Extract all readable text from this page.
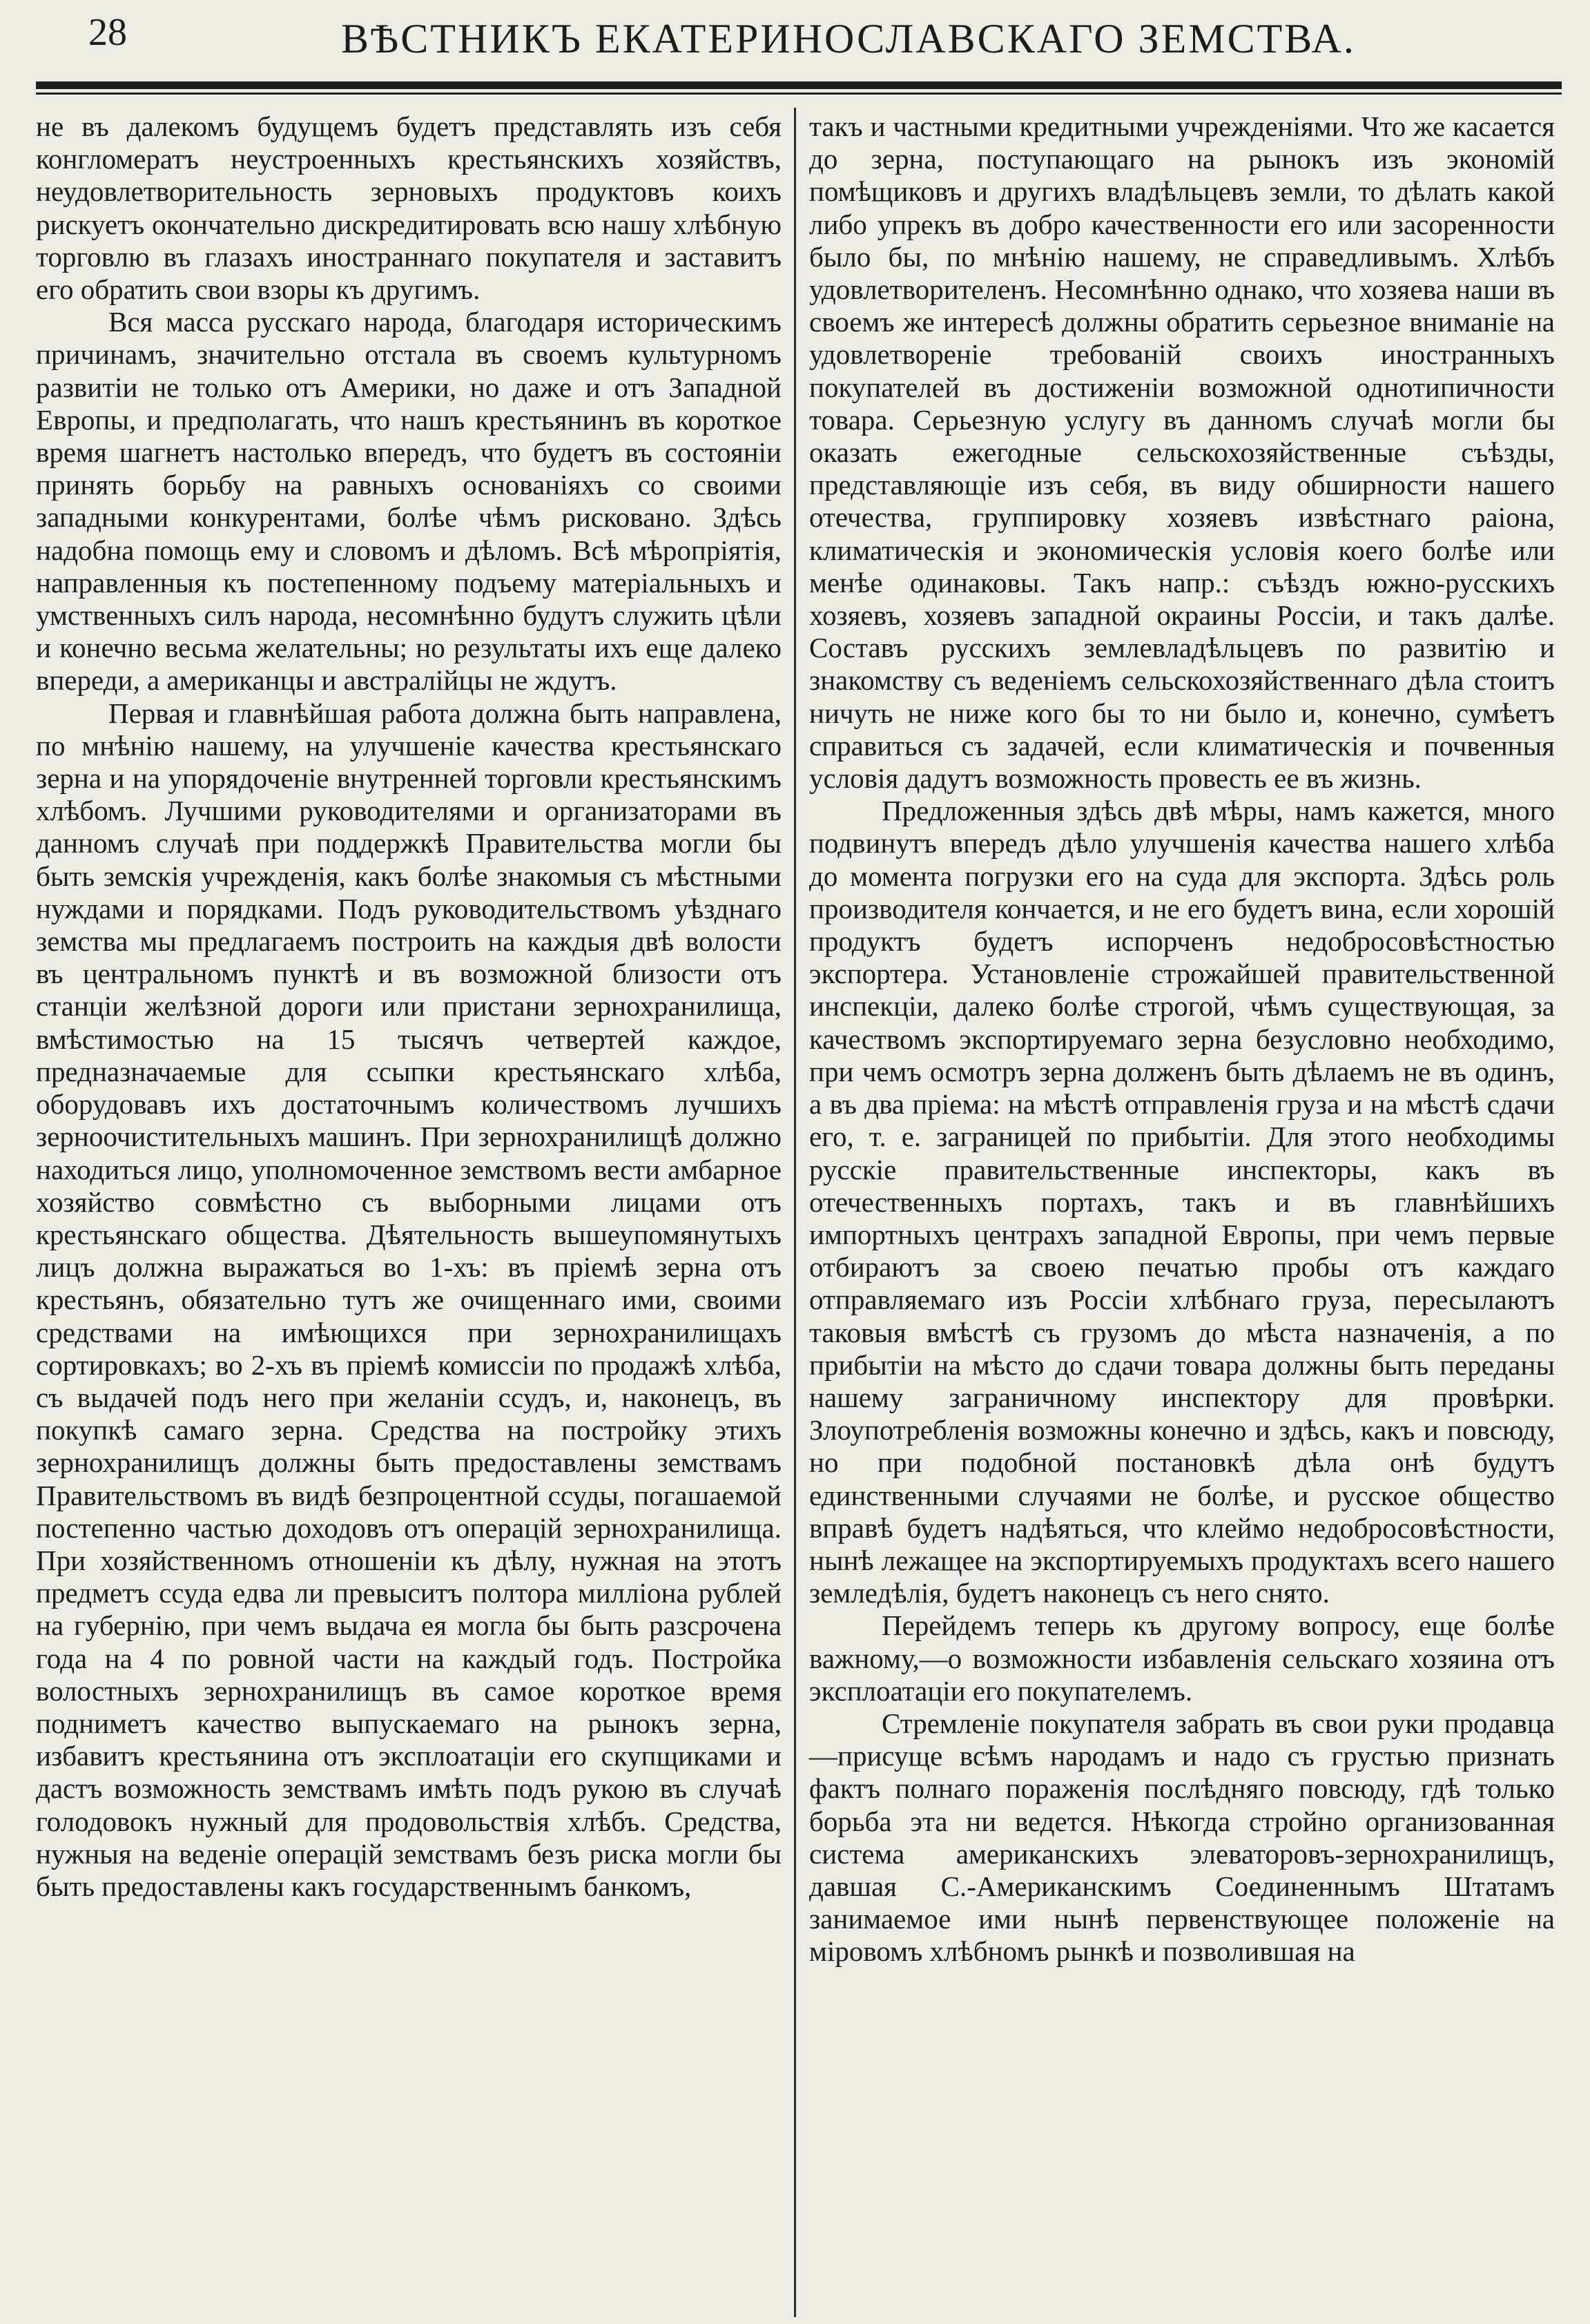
28	ВѢСТНИКЪ ЕКАТЕРИНОСЛАВСКАГО ЗЕМСТВА.

не въ далекомъ будущемъ будетъ представлять изъ себя конгломератъ неустроенныхъ крестьянскихъ хозяйствъ, неудовлетворительность зерновыхъ продуктовъ коихъ рискуетъ окончательно дискредитировать всю нашу хлѣбную торговлю въ глазахъ иностраннаго покупателя и заставитъ его обратить свои взоры къ другимъ.

Вся масса русскаго народа, благодаря историческимъ причинамъ, значительно отстала въ своемъ культурномъ развитіи не только отъ Америки, но даже и отъ Западной Европы, и предполагать, что нашъ крестьянинъ въ короткое время шагнетъ настолько впередъ, что будетъ въ состояніи принять борьбу на равныхъ основаніяхъ со своими западными конкурентами, болѣе чѣмъ рисковано. Здѣсь надобна помощь ему и словомъ и дѣломъ. Всѣ мѣропріятія, направленныя къ постепенному подъему матеріальныхъ и умственныхъ силъ народа, несомнѣнно будутъ служить цѣли и конечно весьма желательны; но результаты ихъ еще далеко впереди, а американцы и австралійцы не ждутъ.

Первая и главнѣйшая работа должна быть направлена, по мнѣнію нашему, на улучшеніе качества крестьянскаго зерна и на упорядоченіе внутренней торговли крестьянскимъ хлѣбомъ. Лучшими руководителями и организаторами въ данномъ случаѣ при поддержкѣ Правительства могли бы быть земскія учрежденія, какъ болѣе знакомыя съ мѣстными нуждами и порядками. Подъ руководительствомъ уѣзднаго земства мы предлагаемъ построить на каждыя двѣ волости въ центральномъ пунктѣ и въ возможной близости отъ станціи желѣзной дороги или пристани зернохранилища, вмѣстимостью на 15 тысячъ четвертей каждое, предназначаемые для ссыпки крестьянскаго хлѣба, оборудовавъ ихъ достаточнымъ количествомъ лучшихъ зерноочистительныхъ машинъ. При зернохранилищѣ должно находиться лицо, уполномоченное земствомъ вести амбарное хозяйство совмѣстно съ выборными лицами отъ крестьянскаго общества. Дѣятельность вышеупомянутыхъ лицъ должна выражаться во 1-хъ: въ пріемѣ зерна отъ крестьянъ, обязательно тутъ же очищеннаго ими, своими средствами на имѣющихся при зернохранилищахъ сортировкахъ; во 2-хъ въ пріемѣ комиссіи по продажѣ хлѣба, съ выдачей подъ него при желаніи ссудъ, и, наконецъ, въ покупкѣ самаго зерна. Средства на постройку этихъ зернохранилищъ должны быть предоставлены земствамъ Правительствомъ въ видѣ безпроцентной ссуды, погашаемой постепенно частью доходовъ отъ операцій зернохранилища. При хозяйственномъ отношеніи къ дѣлу, нужная на этотъ предметъ ссуда едва ли превыситъ полтора милліона рублей на губернію, при чемъ выдача ея могла бы быть разсрочена года на 4 по ровной части на каждый годъ. Постройка волостныхъ зернохранилищъ въ самое короткое время подниметъ качество выпускаемаго на рынокъ зерна, избавитъ крестьянина отъ эксплоатаціи его скупщиками и дастъ возможность земствамъ имѣть подъ рукою въ случаѣ голодовокъ нужный для продовольствія хлѣбъ. Средства, нужныя на веденіе операцій земствамъ безъ риска могли бы быть предоставлены какъ государственнымъ банкомъ,

такъ и частными кредитными учрежденіями. Что же касается до зерна, поступающаго на рынокъ изъ экономій помѣщиковъ и другихъ владѣльцевъ земли, то дѣлать какой либо упрекъ въ добро качественности его или засоренности было бы, по мнѣнію нашему, не справедливымъ. Хлѣбъ удовлетворителенъ. Несомнѣнно однако, что хозяева наши въ своемъ же интересѣ должны обратить серьезное вниманіе на удовлетвореніе требованій своихъ иностранныхъ покупателей въ достиженіи возможной однотипичности товара. Серьезную услугу въ данномъ случаѣ могли бы оказать ежегодные сельскохозяйственные съѣзды, представляющіе изъ себя, въ виду обширности нашего отечества, группировку хозяевъ извѣстнаго раіона, климатическія и экономическія условія коего болѣе или менѣе одинаковы. Такъ напр.: съѣздъ южно-русскихъ хозяевъ, хозяевъ западной окраины Россіи, и такъ далѣе. Составъ русскихъ землевладѣльцевъ по развитію и знакомству съ веденіемъ сельскохозяйственнаго дѣла стоитъ ничуть не ниже кого бы то ни было и, конечно, сумѣетъ справиться съ задачей, если климатическія и почвенныя условія дадутъ возможность провесть ее въ жизнь.

Предложенныя здѣсь двѣ мѣры, намъ кажется, много подвинутъ впередъ дѣло улучшенія качества нашего хлѣба до момента погрузки его на суда для экспорта. Здѣсь роль производителя кончается, и не его будетъ вина, если хорошій продуктъ будетъ испорченъ недобросовѣстностью экспортера. Установленіе строжайшей правительственной инспекціи, далеко болѣе строгой, чѣмъ существующая, за качествомъ экспортируемаго зерна безусловно необходимо, при чемъ осмотръ зерна долженъ быть дѣлаемъ не въ одинъ, а въ два пріема: на мѣстѣ отправленія груза и на мѣстѣ сдачи его, т. е. заграницей по прибытіи. Для этого необходимы русскіе правительственные инспекторы, какъ въ отечественныхъ портахъ, такъ и въ главнѣйшихъ импортныхъ центрахъ западной Европы, при чемъ первые отбираютъ за своею печатью пробы отъ каждаго отправляемаго изъ Россіи хлѣбнаго груза, пересылаютъ таковыя вмѣстѣ съ грузомъ до мѣста назначенія, а по прибытіи на мѣсто до сдачи товара должны быть переданы нашему заграничному инспектору для провѣрки. Злоупотребленія возможны конечно и здѣсь, какъ и повсюду, но при подобной постановкѣ дѣла онѣ будутъ единственными случаями не болѣе, и русское общество вправѣ будетъ надѣяться, что клеймо недобросовѣстности, нынѣ лежащее на экспортируемыхъ продуктахъ всего нашего земледѣлія, будетъ наконецъ съ него снято.

Перейдемъ теперь къ другому вопросу, еще болѣе важному,—о возможности избавленія сельскаго хозяина отъ эксплоатаціи его покупателемъ.

Стремленіе покупателя забрать въ свои руки продавца—присуще всѣмъ народамъ и надо съ грустью признать фактъ полнаго пораженія послѣдняго повсюду, гдѣ только борьба эта ни ведется. Нѣкогда стройно организованная система американскихъ элеваторовъ-зернохранилищъ, давшая С.-Американскимъ Соединеннымъ Штатамъ занимаемое ими нынѣ первенствующее положеніе на міровомъ хлѣбномъ рынкѣ и позволившая на
